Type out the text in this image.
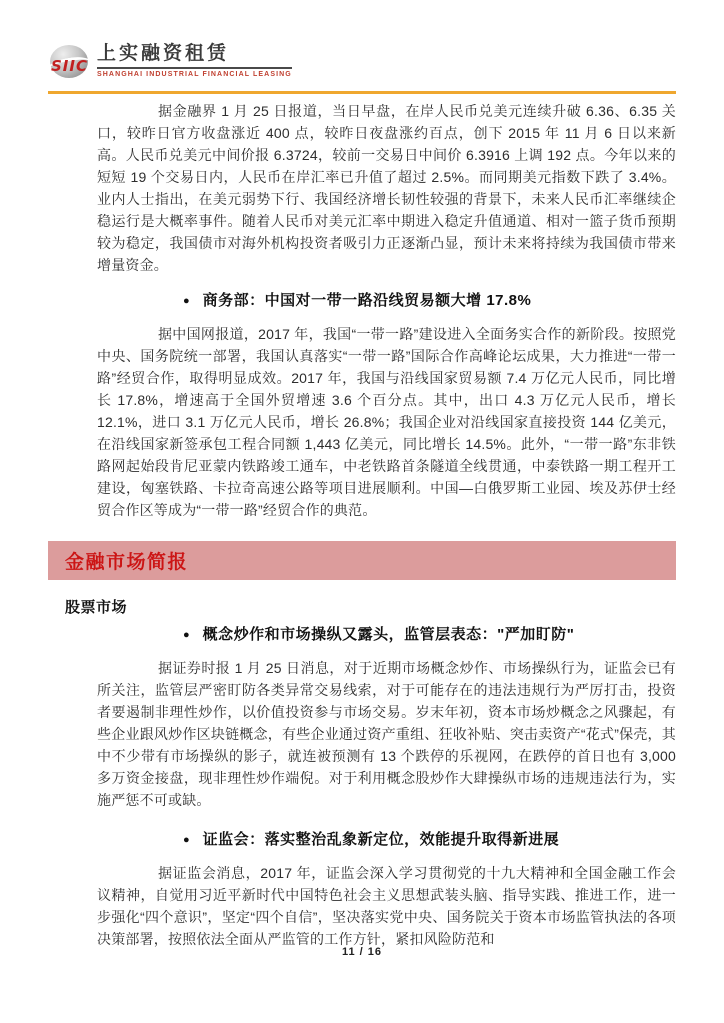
SIIC
上实融资租赁
SHANGHAI INDUSTRIAL FINANCIAL LEASING

据金融界 1 月 25 日报道，当日早盘，在岸人民币兑美元连续升破 6.36、6.35 关口，较昨日官方收盘涨近 400 点，较昨日夜盘涨约百点，创下 2015 年 11 月 6 日以来新高。人民币兑美元中间价报 6.3724，较前一交易日中间价 6.3916 上调 192 点。今年以来的短短 19 个交易日内，人民币在岸汇率已升值了超过 2.5%。而同期美元指数下跌了 3.4%。业内人士指出，在美元弱势下行、我国经济增长韧性较强的背景下，未来人民币汇率继续企稳运行是大概率事件。随着人民币对美元汇率中期进入稳定升值通道、相对一篮子货币预期较为稳定，我国债市对海外机构投资者吸引力正逐渐凸显，预计未来将持续为我国债市带来增量资金。

● 商务部：中国对一带一路沿线贸易额大增 17.8%

据中国网报道，2017 年，我国“一带一路”建设进入全面务实合作的新阶段。按照党中央、国务院统一部署，我国认真落实“一带一路”国际合作高峰论坛成果，大力推进“一带一路”经贸合作，取得明显成效。2017 年，我国与沿线国家贸易额 7.4 万亿元人民币，同比增长 17.8%，增速高于全国外贸增速 3.6 个百分点。其中，出口 4.3 万亿元人民币，增长 12.1%，进口 3.1 万亿元人民币，增长 26.8%；我国企业对沿线国家直接投资 144 亿美元，在沿线国家新签承包工程合同额 1,443 亿美元，同比增长 14.5%。此外，“一带一路”东非铁路网起始段肯尼亚蒙内铁路竣工通车，中老铁路首条隧道全线贯通，中泰铁路一期工程开工建设，匈塞铁路、卡拉奇高速公路等项目进展顺利。中国—白俄罗斯工业园、埃及苏伊士经贸合作区等成为“一带一路”经贸合作的典范。

金融市场简报
股票市场
● 概念炒作和市场操纵又露头，监管层表态："严加盯防"

据证券时报 1 月 25 日消息，对于近期市场概念炒作、市场操纵行为，证监会已有所关注，监管层严密盯防各类异常交易线索，对于可能存在的违法违规行为严厉打击，投资者要遏制非理性炒作，以价值投资参与市场交易。岁末年初，资本市场炒概念之风骤起，有些企业跟风炒作区块链概念，有些企业通过资产重组、狂收补贴、突击卖资产“花式”保壳，其中不少带有市场操纵的影子，就连被预测有 13 个跌停的乐视网，在跌停的首日也有 3,000 多万资金接盘，现非理性炒作端倪。对于利用概念股炒作大肆操纵市场的违规违法行为，实施严惩不可或缺。

● 证监会：落实整治乱象新定位，效能提升取得新进展

据证监会消息，2017 年，证监会深入学习贯彻党的十九大精神和全国金融工作会议精神，自觉用习近平新时代中国特色社会主义思想武装头脑、指导实践、推进工作，进一步强化“四个意识”，坚定“四个自信”，坚决落实党中央、国务院关于资本市场监管执法的各项决策部署，按照依法全面从严监管的工作方针，紧扣风险防范和

11 / 16
